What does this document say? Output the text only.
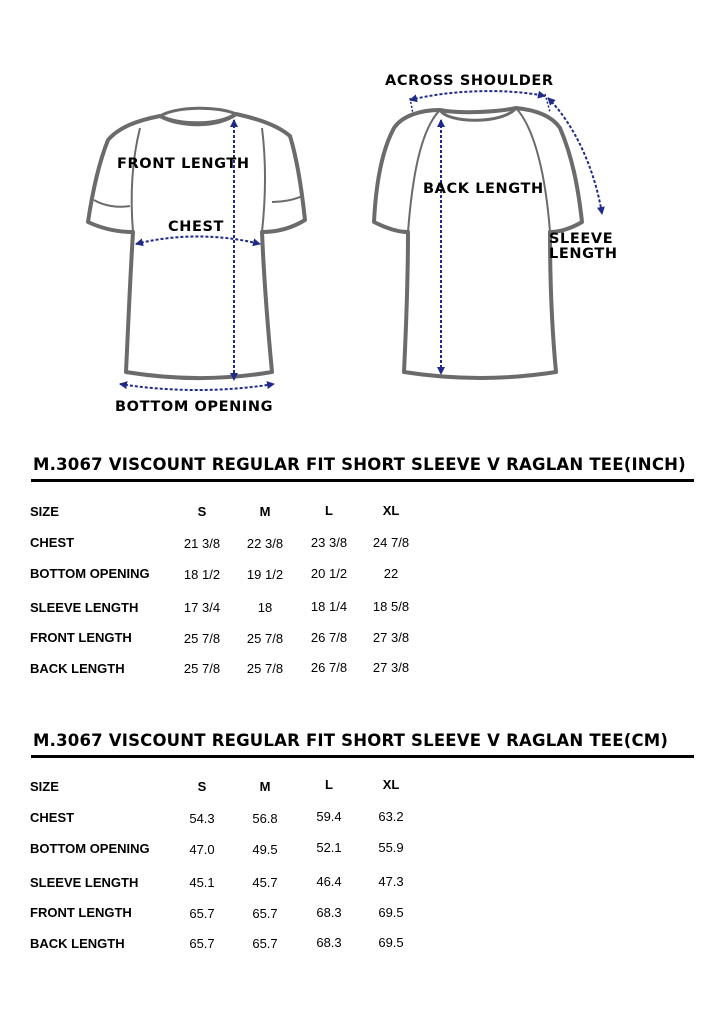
FRONT LENGTH
CHEST
BOTTOM OPENING
ACROSS SHOULDER
BACK LENGTH
SLEEVE
LENGTH
M.3067 VISCOUNT REGULAR FIT SHORT SLEEVE V RAGLAN TEE(INCH)
SIZE	S	M	L	XL
CHEST	21 3/8	22 3/8	23 3/8	24 7/8
BOTTOM OPENING	18 1/2	19 1/2	20 1/2	22
SLEEVE LENGTH	17 3/4	18	18 1/4	18 5/8
FRONT LENGTH	25 7/8	25 7/8	26 7/8	27 3/8
BACK LENGTH	25 7/8	25 7/8	26 7/8	27 3/8
M.3067 VISCOUNT REGULAR FIT SHORT SLEEVE V RAGLAN TEE(CM)
SIZE	S	M	L	XL
CHEST	54.3	56.8	59.4	63.2
BOTTOM OPENING	47.0	49.5	52.1	55.9
SLEEVE LENGTH	45.1	45.7	46.4	47.3
FRONT LENGTH	65.7	65.7	68.3	69.5
BACK LENGTH	65.7	65.7	68.3	69.5
